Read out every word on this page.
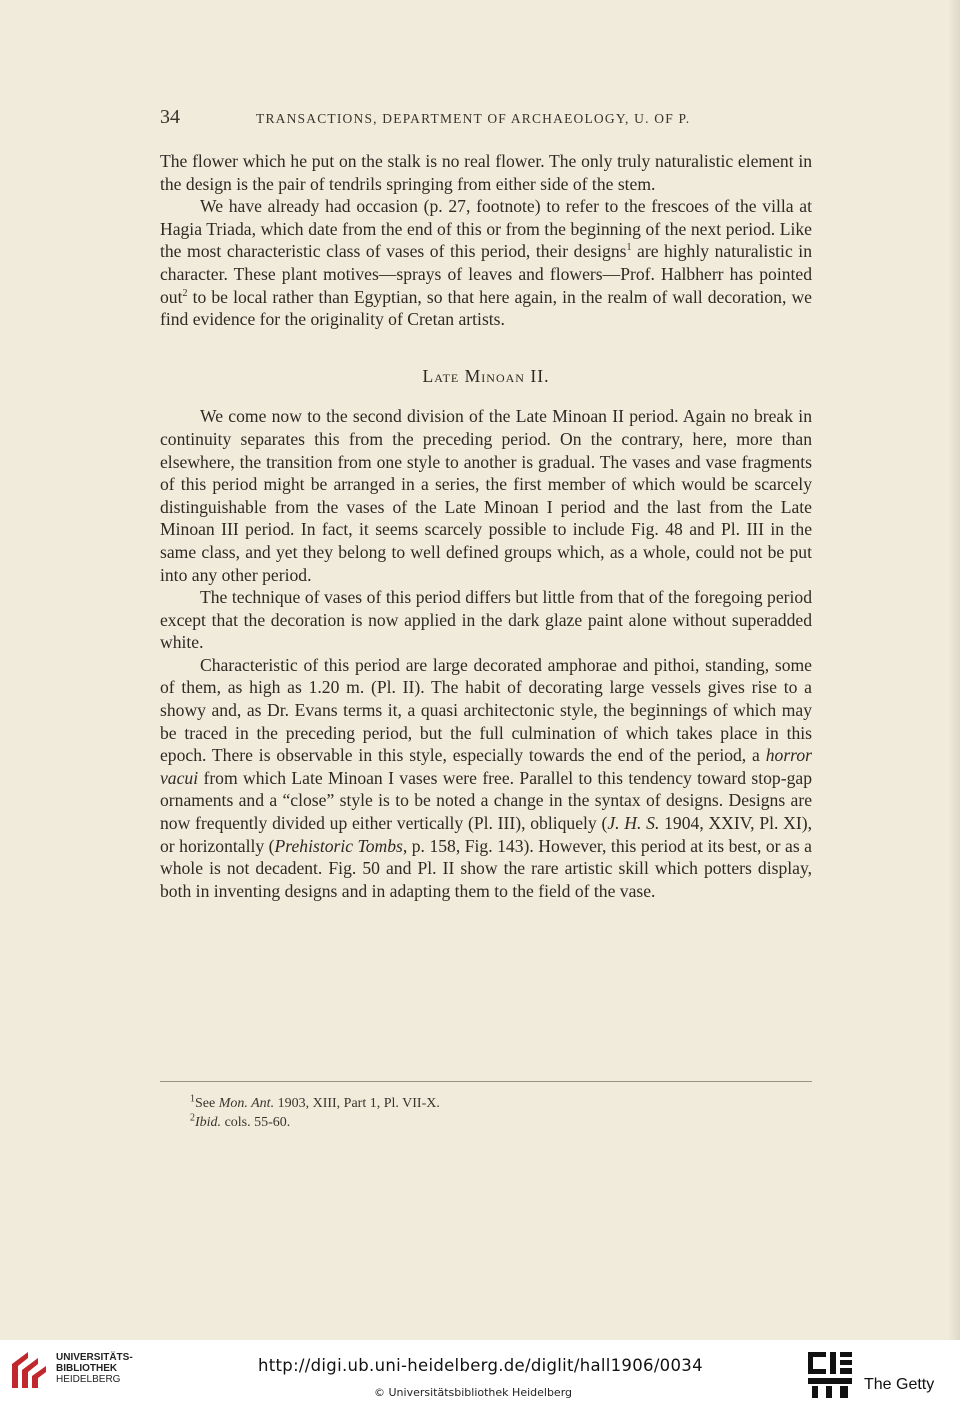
34	TRANSACTIONS, DEPARTMENT OF ARCHAEOLOGY, U. OF P.

The flower which he put on the stalk is no real flower. The only truly naturalistic element in the design is the pair of tendrils springing from either side of the stem.

We have already had occasion (p. 27, footnote) to refer to the frescoes of the villa at Hagia Triada, which date from the end of this or from the beginning of the next period. Like the most characteristic class of vases of this period, their designs$^1$ are highly naturalistic in character. These plant motives—sprays of leaves and flowers—Prof. Halbherr has pointed out$^2$ to be local rather than Egyptian, so that here again, in the realm of wall decoration, we find evidence for the originality of Cretan artists.

Late Minoan II.

We come now to the second division of the Late Minoan II period. Again no break in continuity separates this from the preceding period. On the contrary, here, more than elsewhere, the transition from one style to another is gradual. The vases and vase fragments of this period might be arranged in a series, the first member of which would be scarcely distinguishable from the vases of the Late Minoan I period and the last from the Late Minoan III period. In fact, it seems scarcely possible to include Fig. 48 and Pl. III in the same class, and yet they belong to well defined groups which, as a whole, could not be put into any other period.

The technique of vases of this period differs but little from that of the foregoing period except that the decoration is now applied in the dark glaze paint alone without superadded white.

Characteristic of this period are large decorated amphorae and pithoi, standing, some of them, as high as 1.20 m. (Pl. II). The habit of decorating large vessels gives rise to a showy and, as Dr. Evans terms it, a quasi architectonic style, the beginnings of which may be traced in the preceding period, but the full culmination of which takes place in this epoch. There is observable in this style, especially towards the end of the period, a horror vacui from which Late Minoan I vases were free. Parallel to this tendency toward stop-gap ornaments and a “close” style is to be noted a change in the syntax of designs. Designs are now frequently divided up either vertically (Pl. III), obliquely (J. H. S. 1904, XXIV, Pl. XI), or horizontally (Prehistoric Tombs, p. 158, Fig. 143). However, this period at its best, or as a whole is not decadent. Fig. 50 and Pl. II show the rare artistic skill which potters display, both in inventing designs and in adapting them to the field of the vase.

$^1$See Mon. Ant. 1903, XIII, Part 1, Pl. VII-X.
$^2$Ibid. cols. 55-60.
UNIVERSITÄTS-
BIBLIOTHEK
HEIDELBERG
http://digi.ub.uni-heidelberg.de/diglit/hall1906/0034
© Universitätsbibliothek Heidelberg	The Getty
